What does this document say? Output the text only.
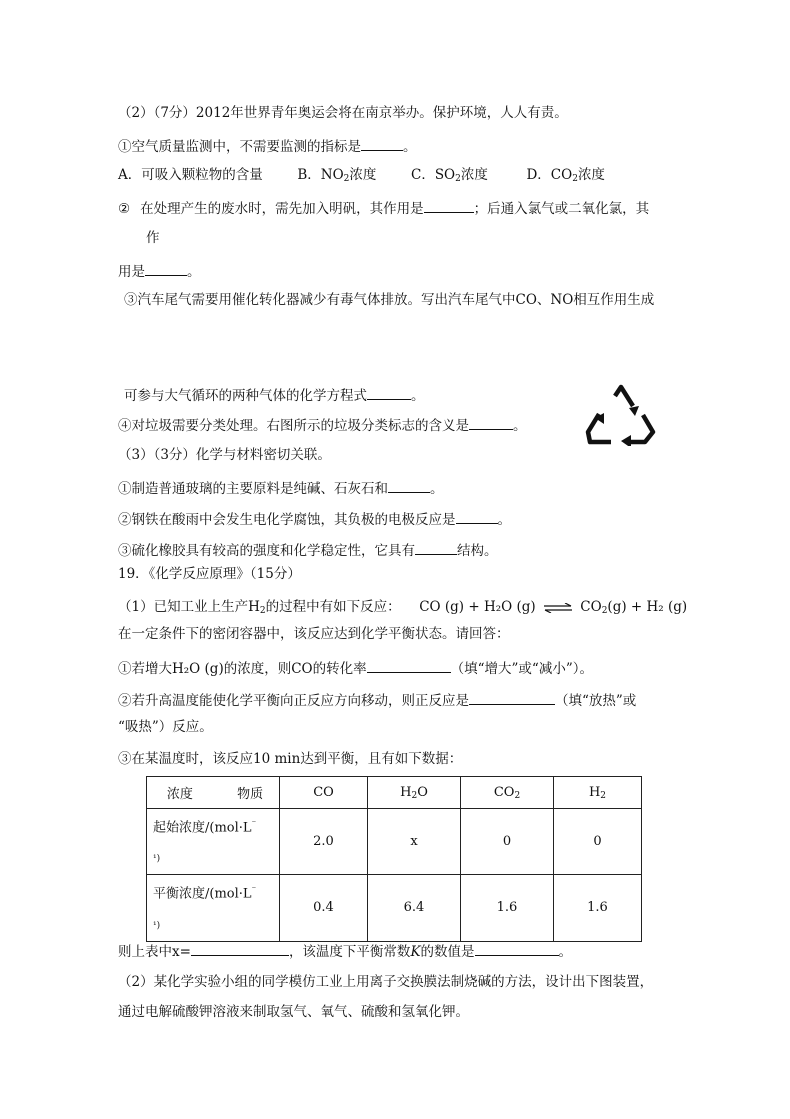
（2）（7分）2012年世界青年奥运会将在南京举办。保护环境，人人有责。
①空气质量监测中，不需要监测的指标是	。
A．可吸入颗粒物的含量	B．$NO_2$浓度	C．$SO_2$浓度	D．$CO_2$浓度
② 在处理产生的废水时，需先加入明矾，其作用是	；后通入氯气或二氧化氯，其
作
用是	。
③汽车尾气需要用催化转化器减少有毒气体排放。写出汽车尾气中CO、NO相互作用生成
可参与大气循环的两种气体的化学方程式	。
④对垃圾需要分类处理。右图所示的垃圾分类标志的含义是	。
（3）（3分）化学与材料密切关联。
①制造普通玻璃的主要原料是纯碱、石灰石和	。
②钢铁在酸雨中会发生电化学腐蚀，其负极的电极反应是	。
③硫化橡胶具有较高的强度和化学稳定性，它具有	结构。
19．《化学反应原理》（15分）
（1）已知工业上生产$H_2$的过程中有如下反应： CO (g) + H₂O (g) ⇌ $CO_2(g) + H_2$ (g)
在一定条件下的密闭容器中，该反应达到化学平衡状态。请回答：
①若增大H₂O (g)的浓度，则CO的转化率	（填“增大”或“减小”）。
②若升高温度能使化学平衡向正反应方向移动，则正反应是	（填“放热”或
“吸热”）反应。
③在某温度时，该反应10 min达到平衡，且有如下数据：
浓度 物质	CO	$H_2O$	$CO_2$	$H_2$
起始浓度/(mol·L⁻
¹)	2.0	x	0	0
平衡浓度/(mol·L⁻
¹)	0.4	6.4	1.6	1.6
则上表中x=	，该温度下平衡常数K的数值是	。
（2）某化学实验小组的同学模仿工业上用离子交换膜法制烧碱的方法，设计出下图装置，
通过电解硫酸钾溶液来制取氢气、氧气、硫酸和氢氧化钾。
